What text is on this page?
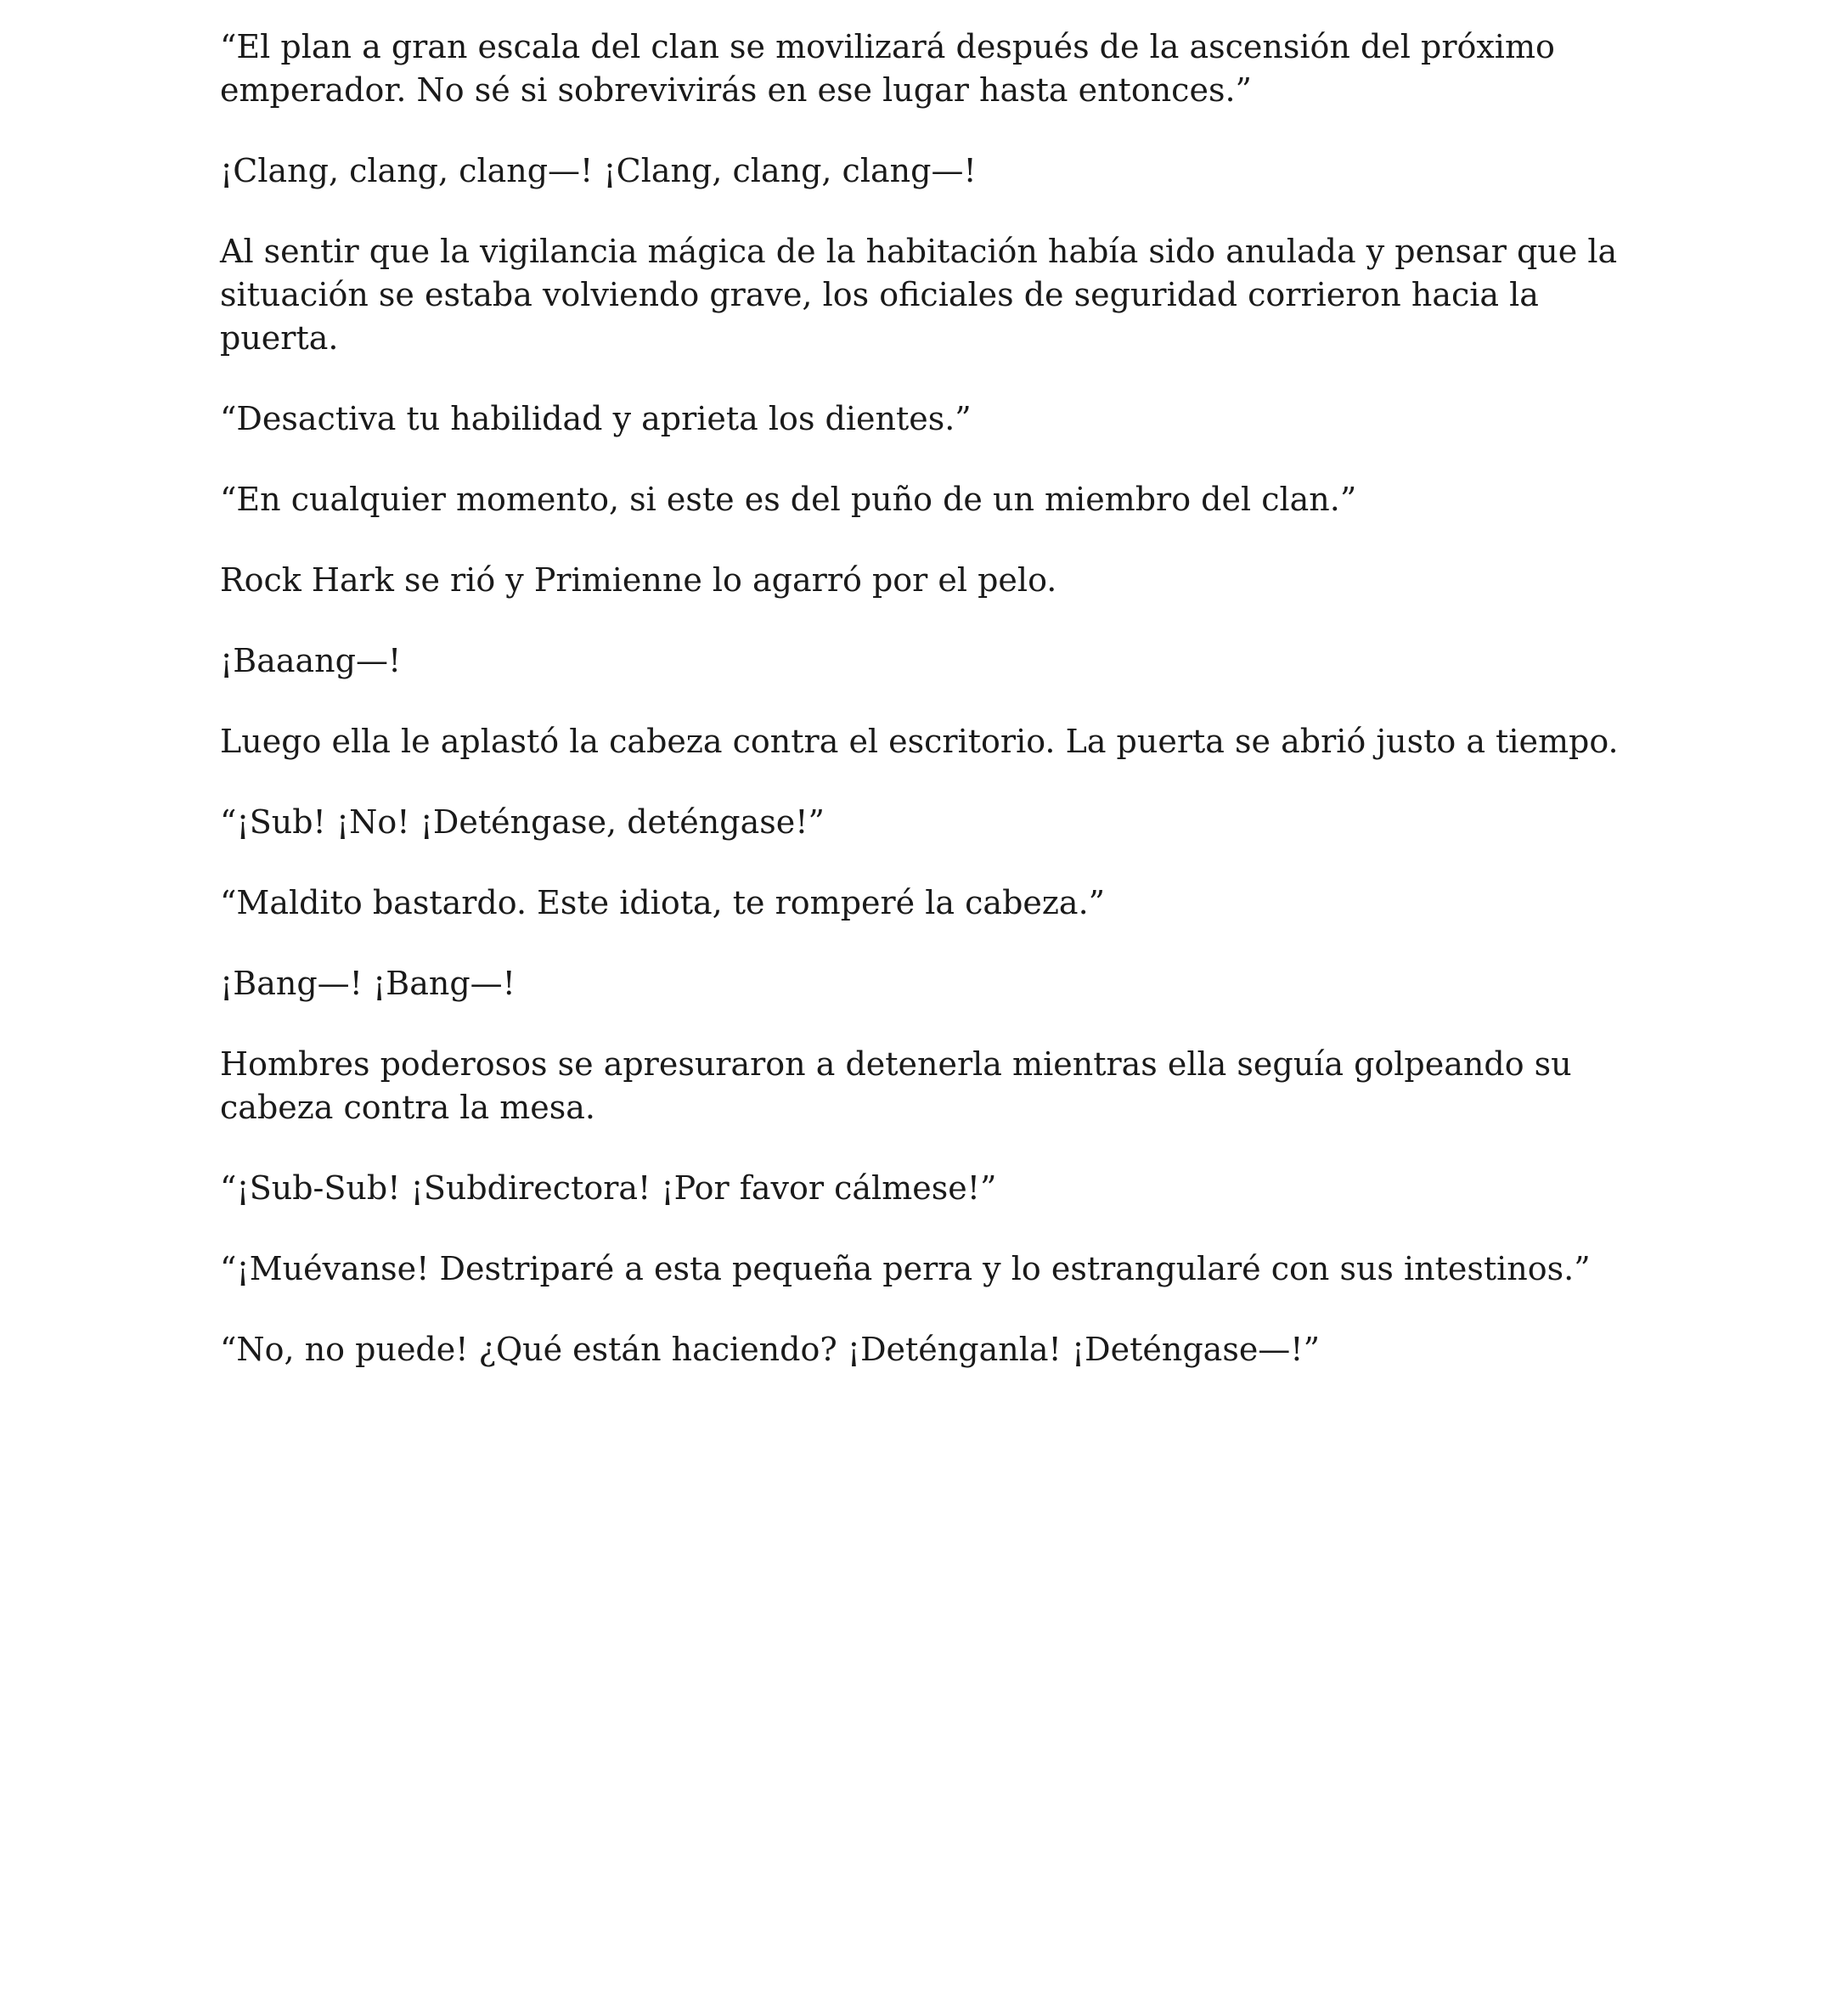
“El plan a gran escala del clan se movilizará después de la ascensión del próximo emperador. No sé si sobrevivirás en ese lugar hasta entonces.”

¡Clang, clang, clang—! ¡Clang, clang, clang—!

Al sentir que la vigilancia mágica de la habitación había sido anulada y pensar que la situación se estaba volviendo grave, los oficiales de seguridad corrieron hacia la puerta.

“Desactiva tu habilidad y aprieta los dientes.”

“En cualquier momento, si este es del puño de un miembro del clan.”

Rock Hark se rió y Primienne lo agarró por el pelo.

¡Baaang—!

Luego ella le aplastó la cabeza contra el escritorio. La puerta se abrió justo a tiempo.

“¡Sub! ¡No! ¡Deténgase, deténgase!”

“Maldito bastardo. Este idiota, te romperé la cabeza.”

¡Bang—! ¡Bang—!

Hombres poderosos se apresuraron a detenerla mientras ella seguía golpeando su cabeza contra la mesa.

“¡Sub-Sub! ¡Subdirectora! ¡Por favor cálmese!”

“¡Muévanse! Destriparé a esta pequeña perra y lo estrangularé con sus intestinos.”

“No, no puede! ¿Qué están haciendo? ¡Deténganla! ¡Deténgase—!”
